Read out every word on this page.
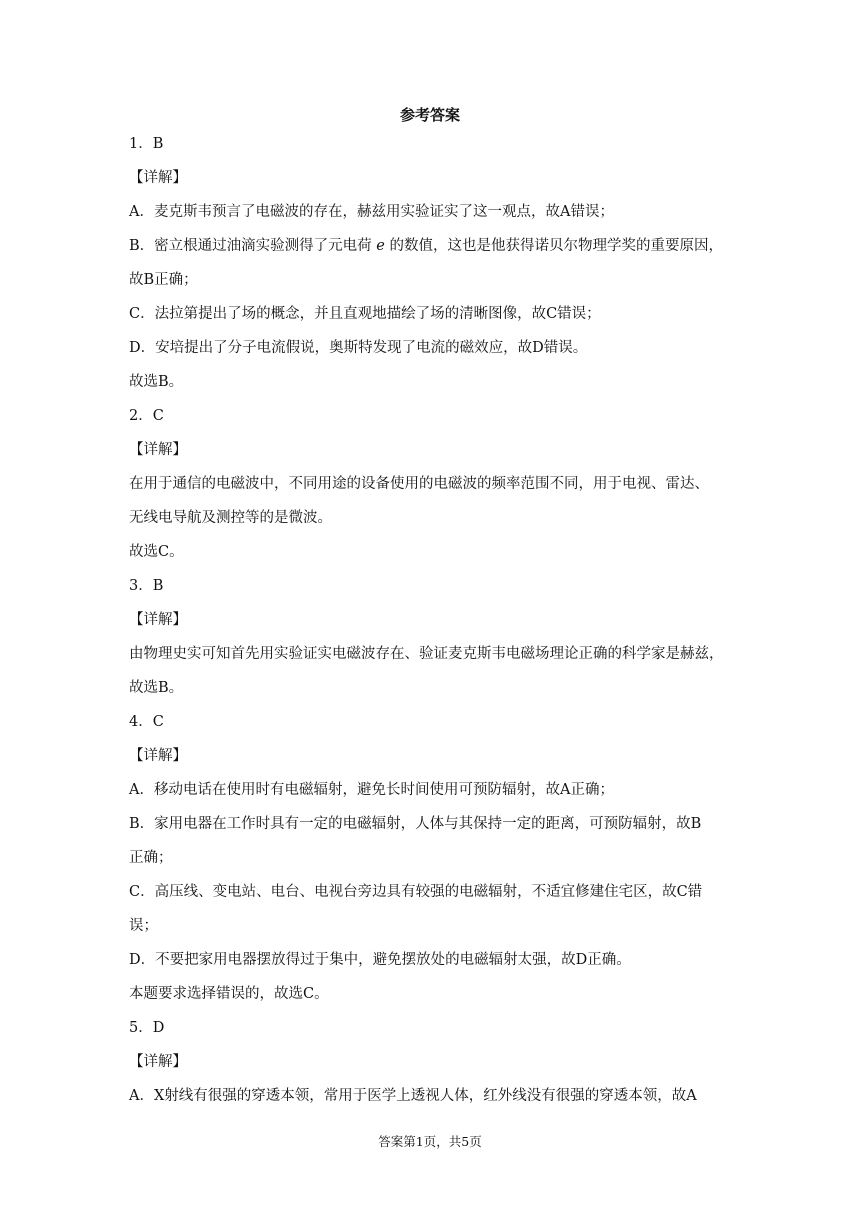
参考答案
1．B
【详解】
A．麦克斯韦预言了电磁波的存在，赫兹用实验证实了这一观点，故A错误；
B．密立根通过油滴实验测得了元电荷 e 的数值，这也是他获得诺贝尔物理学奖的重要原因，
故B正确；
C．法拉第提出了场的概念，并且直观地描绘了场的清晰图像，故C错误；
D．安培提出了分子电流假说，奥斯特发现了电流的磁效应，故D错误。
故选B。
2．C
【详解】
在用于通信的电磁波中，不同用途的设备使用的电磁波的频率范围不同，用于电视、雷达、
无线电导航及测控等的是微波。
故选C。
3．B
【详解】
由物理史实可知首先用实验证实电磁波存在、验证麦克斯韦电磁场理论正确的科学家是赫兹，
故选B。
4．C
【详解】
A．移动电话在使用时有电磁辐射，避免长时间使用可预防辐射，故A正确；
B．家用电器在工作时具有一定的电磁辐射，人体与其保持一定的距离，可预防辐射，故B
正确；
C．高压线、变电站、电台、电视台旁边具有较强的电磁辐射，不适宜修建住宅区，故C错
误；
D．不要把家用电器摆放得过于集中，避免摆放处的电磁辐射太强，故D正确。
本题要求选择错误的，故选C。
5．D
【详解】
A．X射线有很强的穿透本领，常用于医学上透视人体，红外线没有很强的穿透本领，故A
答案第1页，共5页
